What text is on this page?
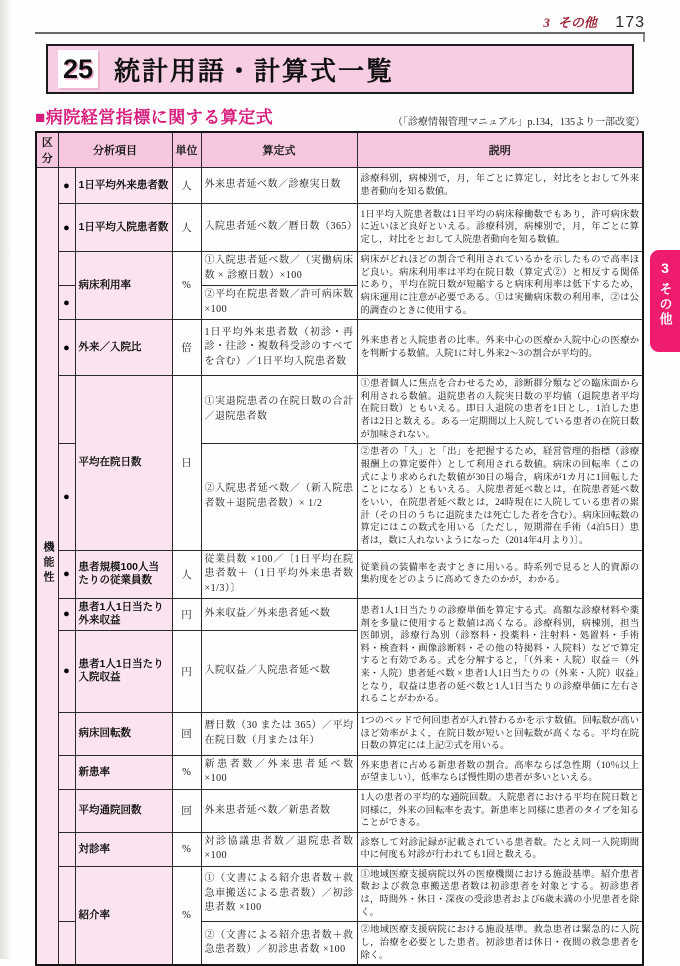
3 その他 173
25 統計用語・計算式一覧
■病院経営指標に関する算定式	（「診療情報管理マニュアル」p.134，135より一部改変）
区分	分析項目		単位	算定式	説明
機能性	●	1日平均外来患者数	人	外来患者延べ数／診療実日数	診療科別，病棟別で，月，年ごとに算定し，対比をとおして外来患者動向を知る数値。
	●	1日平均入院患者数	人	入院患者延べ数／暦日数（365）	1日平均入院患者数は1日平均の病床稼働数でもあり，許可病床数に近いほど良好といえる。診療科別，病棟別で，月，年ごとに算定し，対比をとおして入院患者動向を知る数値。
		病床利用率	%	①入院患者延べ数／（実働病床数 × 診療日数）×100	病床がどれほどの割合で利用されているかを示したもので高率ほど良い。病床利用率は平均在院日数（算定式②）と相反する関係にあり，平均在院日数が短縮すると病床利用率は低下するため，病床運用に注意が必要である。①は実働病床数の利用率，②は公的調査のときに使用する。
	●			②平均在院患者数／許可病床数 ×100	
	●	外来／入院比	倍	1日平均外来患者数（初診・再診・往診・複数科受診のすべてを含む）／1日平均入院患者数	外来患者と入院患者の比率。外来中心の医療か入院中心の医療かを判断する数値。入院1に対し外来2～3の割合が平均的。
		平均在院日数	日	①実退院患者の在院日数の合計／退院患者数	①患者個人に焦点を合わせるため，診断群分類などの臨床面から利用される数値。退院患者の入院実日数の平均値（退院患者平均在院日数）ともいえる。即日入退院の患者を1日とし，1泊した患者は2日と数える。ある一定期間以上入院している患者の在院日数が加味されない。
	●			②入院患者延べ数／（新入院患者数＋退院患者数）× 1/2	②患者の「入」と「出」を把握するため，経営管理的指標（診療報酬上の算定要件）として利用される数値。病床の回転率（この式により求められた数値が30日の場合，病床が1カ月に1回転したことになる）ともいえる。入院患者延べ数とは，在院患者延べ数をいい，在院患者延べ数とは，24時現在に入院している患者の累計（その日のうちに退院または死亡した者を含む）。病床回転数の算定にはこの数式を用いる〔ただし，短期滞在手術（4泊5日）患者は，数に入れないようになった（2014年4月より）〕。
	●	患者規模100人当たりの従業員数	人	従業員数 ×100／〔1日平均在院患者数＋（1日平均外来患者数 ×1/3）〕	従業員の装備率を表すときに用いる。時系列で見ると人的資源の集約度をどのように高めてきたのかが，わかる。
	●	患者1人1日当たり外来収益	円	外来収益／外来患者延べ数	患者1人1日当たりの診療単価を算定する式。高額な診療材料や薬剤を多量に使用すると数値は高くなる。診療科別，病棟別，担当医師別，診療行為別（診察料・投薬料・注射料・処置料・手術料・検査料・画像診断料・その他の特掲料・入院料）などで算定すると有効である。式を分解すると，「（外来・入院）収益＝（外来・入院）患者延べ数 × 患者1人1日当たりの（外来・入院）収益」となり，収益は患者の延べ数と1人1日当たりの診療単価に左右されることがわかる。
	●	患者1人1日当たり入院収益	円	入院収益／入院患者延べ数	
		病床回転数	回	暦日数（30 または 365）／平均在院日数（月または年）	1つのベッドで何回患者が入れ替わるかを示す数値。回転数が高いほど効率がよく，在院日数が短いと回転数が高くなる。平均在院日数の算定には上記②式を用いる。
		新患率	%	新患者数／外来患者延べ数 ×100	外来患者に占める新患者数の割合。高率ならば急性期（10％以上が望ましい），低率ならば慢性期の患者が多いといえる。
		平均通院回数	回	外来患者延べ数／新患者数	1人の患者の平均的な通院回数。入院患者における平均在院日数と同様に，外来の回転率を表す。新患率と同様に患者のタイプを知ることができる。
		対診率	%	対診協議患者数／退院患者数 ×100	診察して対診記録が記載されている患者数。たとえ同一入院期間中に何度も対診が行われても1回と数える。
		紹介率	%	①（文書による紹介患者数＋救急車搬送による患者数）／初診患者数 ×100	①地域医療支援病院以外の医療機関における施設基準。紹介患者数および救急車搬送患者数は初診患者を対象とする。初診患者は，時間外・休日・深夜の受診患者および6歳未満の小児患者を除く。
				②（文書による紹介患者数＋救急患者数）／初診患者数 ×100	②地域医療支援病院における施設基準。救急患者は緊急的に入院し，治療を必要とした患者。初診患者は休日・夜間の救急患者を除く。
3
その他
